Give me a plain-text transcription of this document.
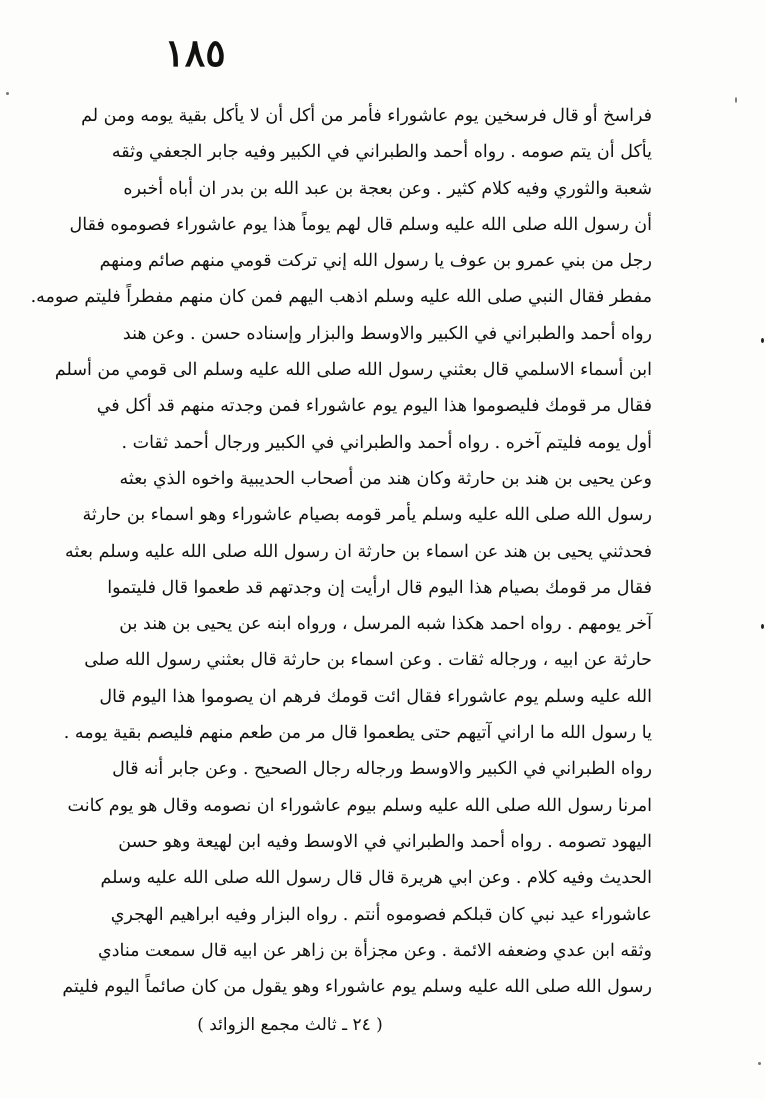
١٨٥
فراسخ أو قال فرسخين يوم عاشوراء فأمر من أكل أن لا يأكل بقية يومه ومن لم
يأكل أن يتم صومه . رواه أحمد والطبراني في الكبير وفيه جابر الجعفي وثقه
شعبة والثوري وفيه كلام كثير . وعن بعجة بن عبد الله بن بدر ان أباه أخبره
أن رسول الله صلى الله عليه وسلم قال لهم يوماً هذا يوم عاشوراء فصوموه فقال
رجل من بني عمرو بن عوف يا رسول الله إني تركت قومي منهم صائم ومنهم
مفطر فقال النبي صلى الله عليه وسلم اذهب اليهم فمن كان منهم مفطراً فليتم صومه.
رواه أحمد والطبراني في الكبير والاوسط والبزار وإسناده حسن . وعن هند
ابن أسماء الاسلمي قال بعثني رسول الله صلى الله عليه وسلم الى قومي من أسلم
فقال مر قومك فليصوموا هذا اليوم يوم عاشوراء فمن وجدته منهم قد أكل في
أول يومه فليتم آخره . رواه أحمد والطبراني في الكبير ورجال أحمد ثقات .
وعن يحيى بن هند بن حارثة وكان هند من أصحاب الحديبية واخوه الذي بعثه
رسول الله صلى الله عليه وسلم يأمر قومه بصيام عاشوراء وهو اسماء بن حارثة
فحدثني يحيى بن هند عن اسماء بن حارثة ان رسول الله صلى الله عليه وسلم بعثه
فقال مر قومك بصيام هذا اليوم قال ارأيت إن وجدتهم قد طعموا قال فليتموا
آخر يومهم . رواه احمد هكذا شبه المرسل ، ورواه ابنه عن يحيى بن هند بن
حارثة عن ابيه ، ورجاله ثقات . وعن اسماء بن حارثة قال بعثني رسول الله صلى
الله عليه وسلم يوم عاشوراء فقال ائت قومك فرهم ان يصوموا هذا اليوم قال
يا رسول الله ما اراني آتيهم حتى يطعموا قال مر من طعم منهم فليصم بقية يومه .
رواه الطبراني في الكبير والاوسط ورجاله رجال الصحيح . وعن جابر أنه قال
امرنا رسول الله صلى الله عليه وسلم بيوم عاشوراء ان نصومه وقال هو يوم كانت
اليهود تصومه . رواه أحمد والطبراني في الاوسط وفيه ابن لهيعة وهو حسن
الحديث وفيه كلام . وعن ابي هريرة قال قال رسول الله صلى الله عليه وسلم
عاشوراء عيد نبي كان قبلكم فصوموه أنتم . رواه البزار وفيه ابراهيم الهجري
وثقه ابن عدي وضعفه الائمة . وعن مجزأة بن زاهر عن ابيه قال سمعت منادي
رسول الله صلى الله عليه وسلم يوم عاشوراء وهو يقول من كان صائماً اليوم فليتم
( ٢٤ ـ ثالث مجمع الزوائد )
